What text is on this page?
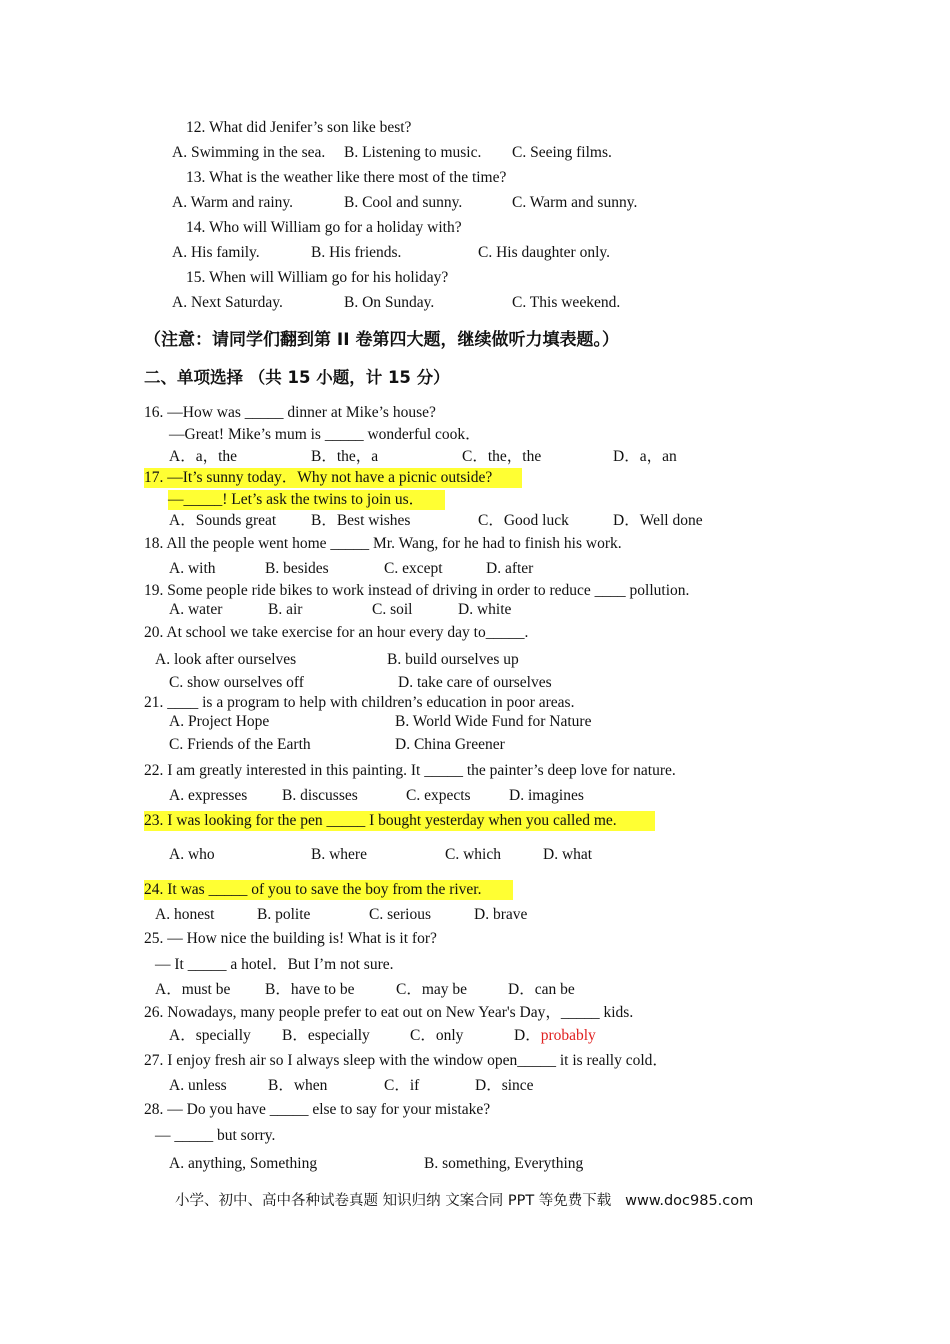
12. What did Jenifer’s son like best?
A. Swimming in the sea. B. Listening to music. C. Seeing films.
13. What is the weather like there most of the time?
A. Warm and rainy.	B. Cool and sunny.	C. Warm and sunny.
14. Who will William go for a holiday with?
A. His family.	B. His friends.	C. His daughter only.
15. When will William go for his holiday?
A. Next Saturday.	B. On Sunday.	C. This weekend.
（注意：请同学们翻到第 II 卷第四大题，继续做听力填表题。）
二、单项选择 （共 15 小题，计 15 分）
16. —How was _____ dinner at Mike’s house?
—Great! Mike’s mum is _____ wonderful cook．
A．a，the	B．the，a	C．the，the	D．a，an
17. —It’s sunny today．Why not have a picnic outside?
—_____! Let’s ask the twins to join us．
A．Sounds great B．Best wishes	C．Good luck	D．Well done
18. All the people went home _____ Mr. Wang, for he had to finish his work.
A. with	B. besides	C. except	D. after
19. Some people ride bikes to work instead of driving in order to reduce ____ pollution.
A. water	B. air	C. soil	D. white
20. At school we take exercise for an hour every day to_____.
A. look after ourselves	B. build ourselves up
C. show ourselves off	D. take care of ourselves
21. ____ is a program to help with children’s education in poor areas.
A. Project Hope	B. World Wide Fund for Nature
C. Friends of the Earth	D. China Greener
22. I am greatly interested in this painting. It _____ the painter’s deep love for nature.
A. expresses B. discusses	C. expects D. imagines
23. I was looking for the pen _____ I bought yesterday when you called me.
A. who	B. where	C. which	D. what
24. It was _____ of you to save the boy from the river.
A. honest	B. polite	C. serious	D. brave
25. — How nice the building is! What is it for?
— It _____ a hotel．But I’m not sure.
A．must be B．have to be	C．may be	D．can be
26. Nowadays, many people prefer to eat out on New Year's Day，_____ kids.
A．specially B．especially	C．only	D．probably
27. I enjoy fresh air so I always sleep with the window open_____ it is really cold．
A. unless	B．when	C．if	D．since
28. — Do you have _____ else to say for your mistake?
— _____ but sorry.
A. anything, Something	B. something, Everything
小学、初中、高中各种试卷真题 知识归纳 文案合同 PPT 等免费下载   www.doc985.com
